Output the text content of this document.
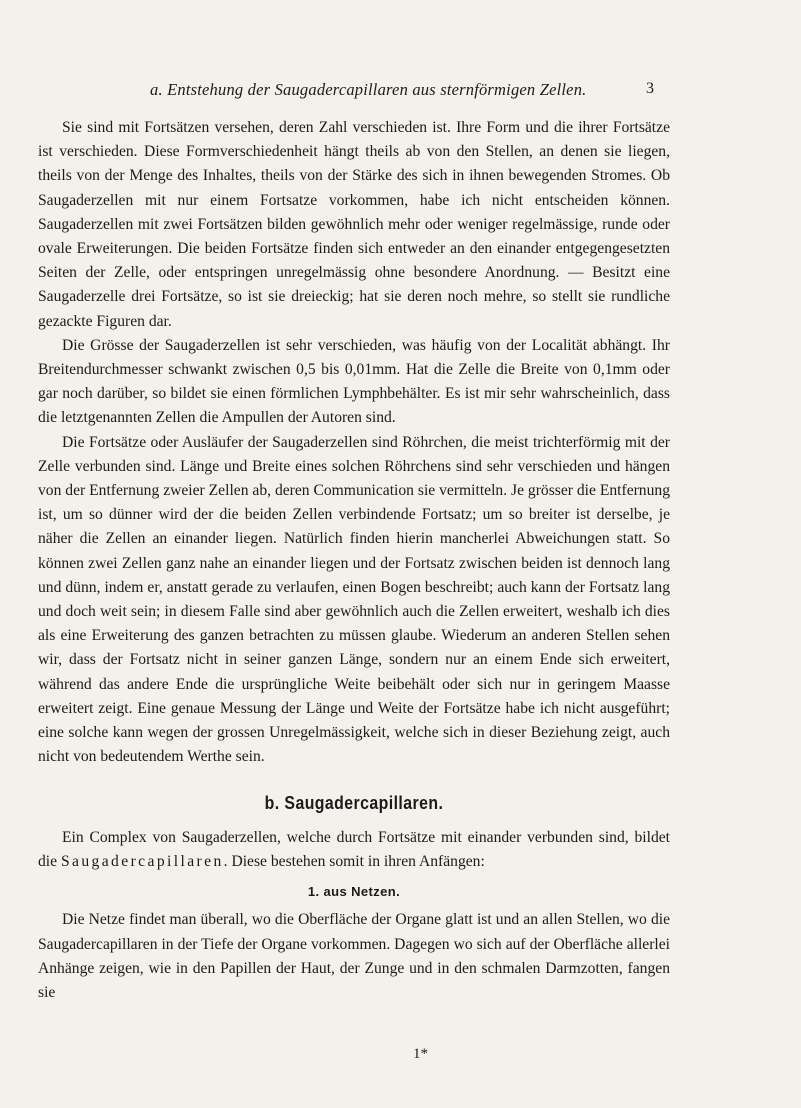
a. Entstehung der Saugadercapillaren aus sternförmigen Zellen.	3

Sie sind mit Fortsätzen versehen, deren Zahl verschieden ist. Ihre Form und die ihrer Fortsätze ist verschieden. Diese Formverschiedenheit hängt theils ab von den Stellen, an denen sie liegen, theils von der Menge des Inhaltes, theils von der Stärke des sich in ihnen bewegenden Stromes. Ob Saugaderzellen mit nur einem Fortsatze vorkommen, habe ich nicht entscheiden können. Saugaderzellen mit zwei Fortsätzen bilden gewöhnlich mehr oder weniger regelmässige, runde oder ovale Erweiterungen. Die beiden Fortsätze finden sich entweder an den einander entgegengesetzten Seiten der Zelle, oder entspringen unregelmässig ohne besondere Anordnung. — Besitzt eine Saugaderzelle drei Fortsätze, so ist sie dreieckig; hat sie deren noch mehre, so stellt sie rundliche gezackte Figuren dar.

Die Grösse der Saugaderzellen ist sehr verschieden, was häufig von der Localität abhängt. Ihr Breitendurchmesser schwankt zwischen 0,5 bis 0,01mm. Hat die Zelle die Breite von 0,1mm oder gar noch darüber, so bildet sie einen förmlichen Lymphbehälter. Es ist mir sehr wahrscheinlich, dass die letztgenannten Zellen die Ampullen der Autoren sind.

Die Fortsätze oder Ausläufer der Saugaderzellen sind Röhrchen, die meist trichterförmig mit der Zelle verbunden sind. Länge und Breite eines solchen Röhrchens sind sehr verschieden und hängen von der Entfernung zweier Zellen ab, deren Communication sie vermitteln. Je grösser die Entfernung ist, um so dünner wird der die beiden Zellen verbindende Fortsatz; um so breiter ist derselbe, je näher die Zellen an einander liegen. Natürlich finden hierin mancherlei Abweichungen statt. So können zwei Zellen ganz nahe an einander liegen und der Fortsatz zwischen beiden ist dennoch lang und dünn, indem er, anstatt gerade zu verlaufen, einen Bogen beschreibt; auch kann der Fortsatz lang und doch weit sein; in diesem Falle sind aber gewöhnlich auch die Zellen erweitert, weshalb ich dies als eine Erweiterung des ganzen betrachten zu müssen glaube. Wiederum an anderen Stellen sehen wir, dass der Fortsatz nicht in seiner ganzen Länge, sondern nur an einem Ende sich erweitert, während das andere Ende die ursprüngliche Weite beibehält oder sich nur in geringem Maasse erweitert zeigt. Eine genaue Messung der Länge und Weite der Fortsätze habe ich nicht ausgeführt; eine solche kann wegen der grossen Unregelmässigkeit, welche sich in dieser Beziehung zeigt, auch nicht von bedeutendem Werthe sein.

b. Saugadercapillaren.

Ein Complex von Saugaderzellen, welche durch Fortsätze mit einander verbunden sind, bildet die Saugadercapillaren. Diese bestehen somit in ihren Anfängen:

1. aus Netzen.

Die Netze findet man überall, wo die Oberfläche der Organe glatt ist und an allen Stellen, wo die Saugadercapillaren in der Tiefe der Organe vorkommen. Dagegen wo sich auf der Oberfläche allerlei Anhänge zeigen, wie in den Papillen der Haut, der Zunge und in den schmalen Darmzotten, fangen sie

1*
